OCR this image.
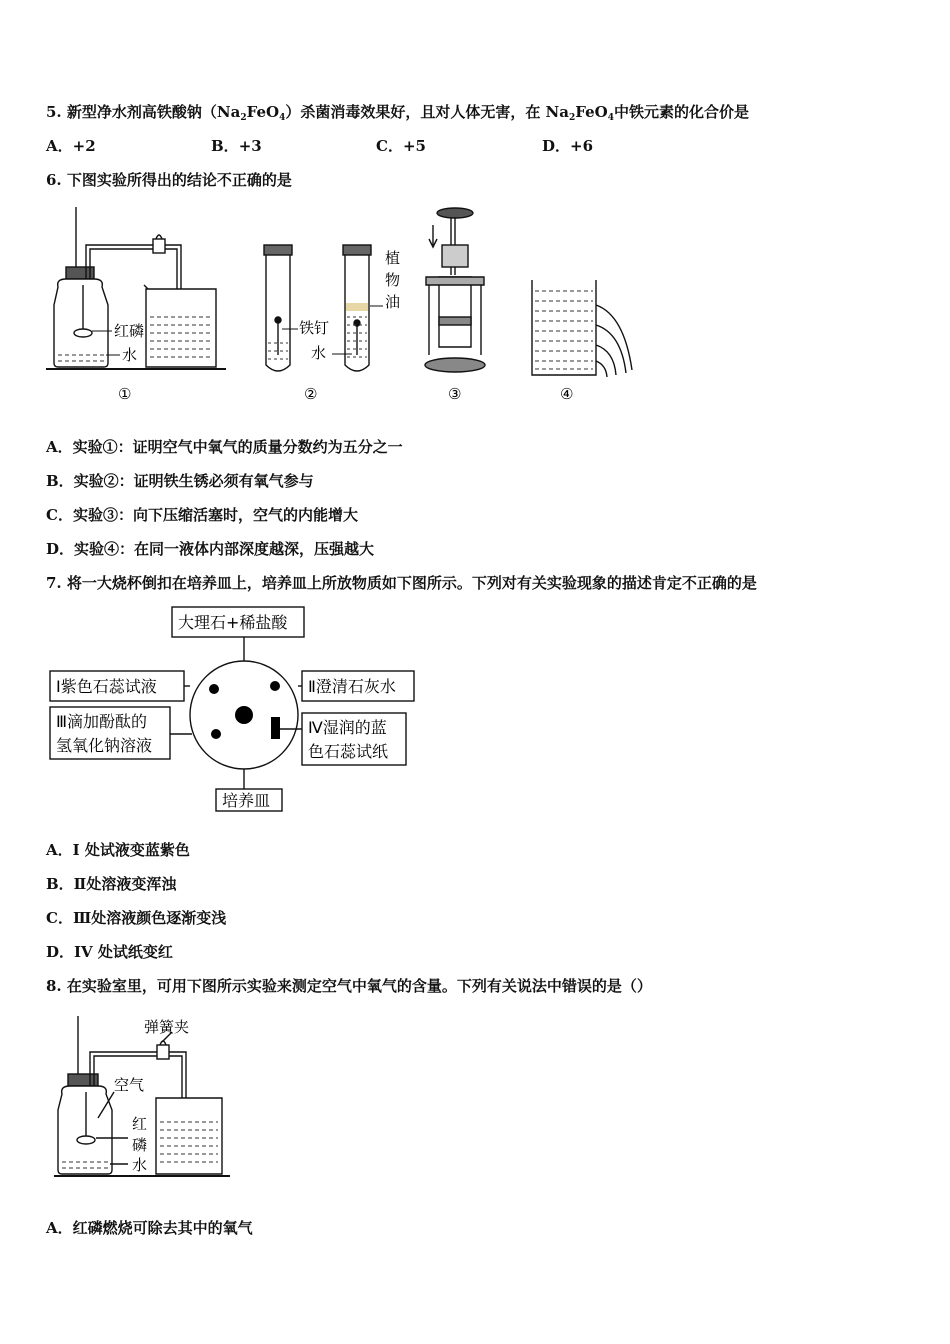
5. 新型净水剂高铁酸钠$(Na_2FeO_4)$杀菌消毒效果好，且对人体无害，在 $Na_2FeO_4$中铁元素的化合价是
A．+2	B．+3	C．+5	D．+6
6. 下图实验所得出的结论不正确的是
红磷
水
①
铁钉
水
植
物
油
②	③	④
A．实验①：证明空气中氧气的质量分数约为五分之一
B．实验②：证明铁生锈必须有氧气参与
C．实验③：向下压缩活塞时，空气的内能增大
D．实验④：在同一液体内部深度越深，压强越大
7. 将一大烧杯倒扣在培养皿上，培养皿上所放物质如下图所示。下列对有关实验现象的描述肯定不正确的是
大理石+稀盐酸
Ⅰ紫色石蕊试液
Ⅲ滴加酚酞的
氢氧化钠溶液
Ⅱ澄清石灰水
Ⅳ湿润的蓝
色石蕊试纸
培养皿
A．I 处试液变蓝紫色
B．Ⅱ处溶液变浑浊
C．Ⅲ处溶液颜色逐渐变浅
D．IV 处试纸变红
8. 在实验室里，可用下图所示实验来测定空气中氧气的含量。下列有关说法中错误的是（）
弹簧夹
空气
红
磷
水
A．红磷燃烧可除去其中的氧气
